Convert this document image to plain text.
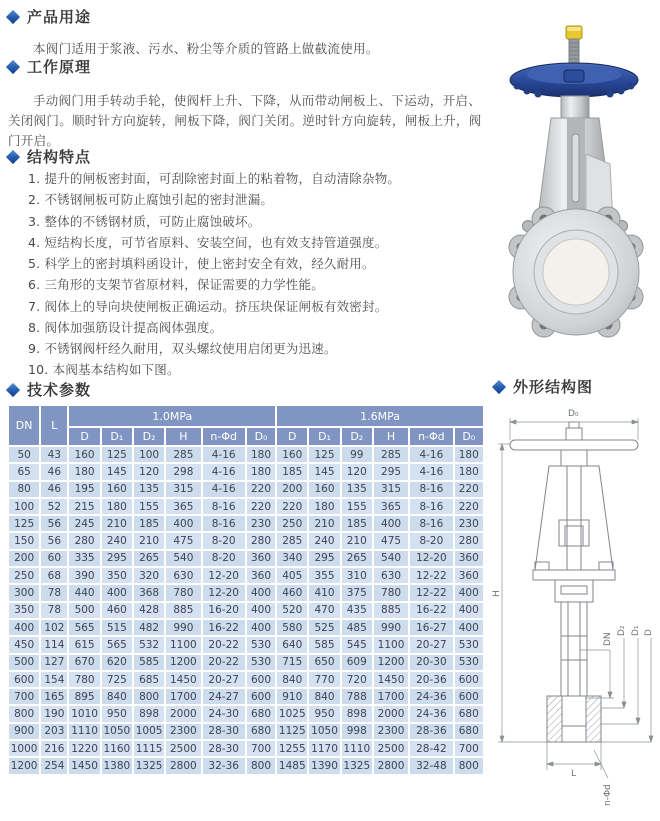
产品用途

本阀门适用于浆液、污水、粉尘等介质的管路上做截流使用。

工作原理

手动阀门用手转动手轮，使阀杆上升、下降，从而带动闸板上、下运动，开启、关闭阀门。顺时针方向旋转，闸板下降，阀门关闭。逆时针方向旋转，闸板上升，阀门开启。

结构特点
1. 提升的闸板密封面，可刮除密封面上的粘着物，自动清除杂物。
2. 不锈钢闸板可防止腐蚀引起的密封泄漏。
3. 整体的不锈钢材质，可防止腐蚀破坏。
4. 短结构长度，可节省原料、安装空间，也有效支持管道强度。
5. 科学上的密封填料函设计，使上密封安全有效，经久耐用。
6. 三角形的支架节省原材料，保证需要的力学性能。
7. 阀体上的导向块使闸板正确运动。挤压块保证闸板有效密封。
8. 阀体加强筋设计提高阀体强度。
9. 不锈钢阀杆经久耐用，双头螺纹使用启闭更为迅速。
10. 本阀基本结构如下图。
技术参数
DN	L	1.0MPa						1.6MPa					
		D	D₁	D₂	H	n-Φd	D₀	D	D₁	D₂	H	n-Φd	D₀
50	43	160	125	100	285	4-16	180	160	125	99	285	4-16	180
65	46	180	145	120	298	4-16	180	185	145	120	295	4-16	180
80	46	195	160	135	315	4-16	220	200	160	135	315	8-16	220
100	52	215	180	155	365	8-16	220	220	180	155	365	8-16	220
125	56	245	210	185	400	8-16	230	250	210	185	400	8-16	230
150	56	280	240	210	475	8-20	280	285	240	210	475	8-20	280
200	60	335	295	265	540	8-20	360	340	295	265	540	12-20	360
250	68	390	350	320	630	12-20	360	405	355	310	630	12-22	360
300	78	440	400	368	780	12-20	400	460	410	375	780	12-22	400
350	78	500	460	428	885	16-20	400	520	470	435	885	16-22	400
400	102	565	515	482	990	16-22	400	580	525	485	990	16-27	400
450	114	615	565	532	1100	20-22	530	640	585	545	1100	20-27	530
500	127	670	620	585	1200	20-22	530	715	650	609	1200	20-30	530
600	154	780	725	685	1450	20-27	600	840	770	720	1450	20-36	600
700	165	895	840	800	1700	24-27	600	910	840	788	1700	24-36	600
800	190	1010	950	898	2000	24-30	680	1025	950	898	2000	24-36	680
900	203	1110	1050	1005	2300	28-30	680	1125	1050	998	2300	28-36	680
1000	216	1220	1160	1115	2500	28-30	700	1255	1170	1110	2500	28-42	700
1200	254	1450	1380	1325	2800	32-36	800	1485	1390	1325	2800	32-48	800
外形结构图
D₀
H
DN
D₂ D₁ D
L
n-Φd
